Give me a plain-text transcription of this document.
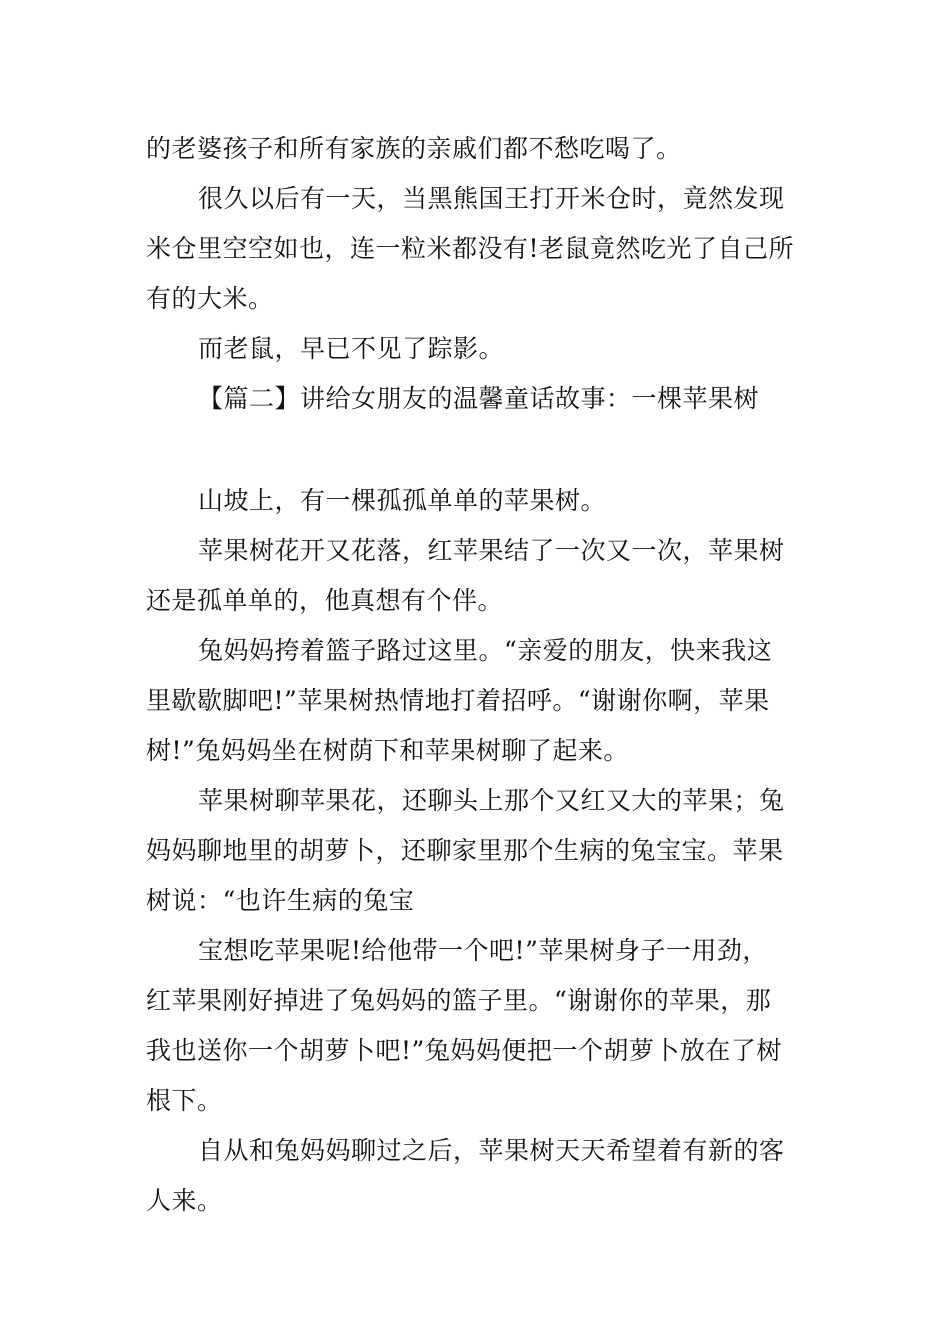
的老婆孩子和所有家族的亲戚们都不愁吃喝了。
很久以后有一天，当黑熊国王打开米仓时，竟然发现
米仓里空空如也，连一粒米都没有!老鼠竟然吃光了自己所
有的大米。
而老鼠，早已不见了踪影。
【篇二】讲给女朋友的温馨童话故事：一棵苹果树
山坡上，有一棵孤孤单单的苹果树。
苹果树花开又花落，红苹果结了一次又一次，苹果树
还是孤单单的，他真想有个伴。
兔妈妈挎着篮子路过这里。“亲爱的朋友，快来我这
里歇歇脚吧!”苹果树热情地打着招呼。“谢谢你啊，苹果
树!”兔妈妈坐在树荫下和苹果树聊了起来。
苹果树聊苹果花，还聊头上那个又红又大的苹果；兔
妈妈聊地里的胡萝卜，还聊家里那个生病的兔宝宝。苹果
树说：“也许生病的兔宝
宝想吃苹果呢!给他带一个吧!”苹果树身子一用劲，
红苹果刚好掉进了兔妈妈的篮子里。“谢谢你的苹果，那
我也送你一个胡萝卜吧!”兔妈妈便把一个胡萝卜放在了树
根下。
自从和兔妈妈聊过之后，苹果树天天希望着有新的客
人来。
